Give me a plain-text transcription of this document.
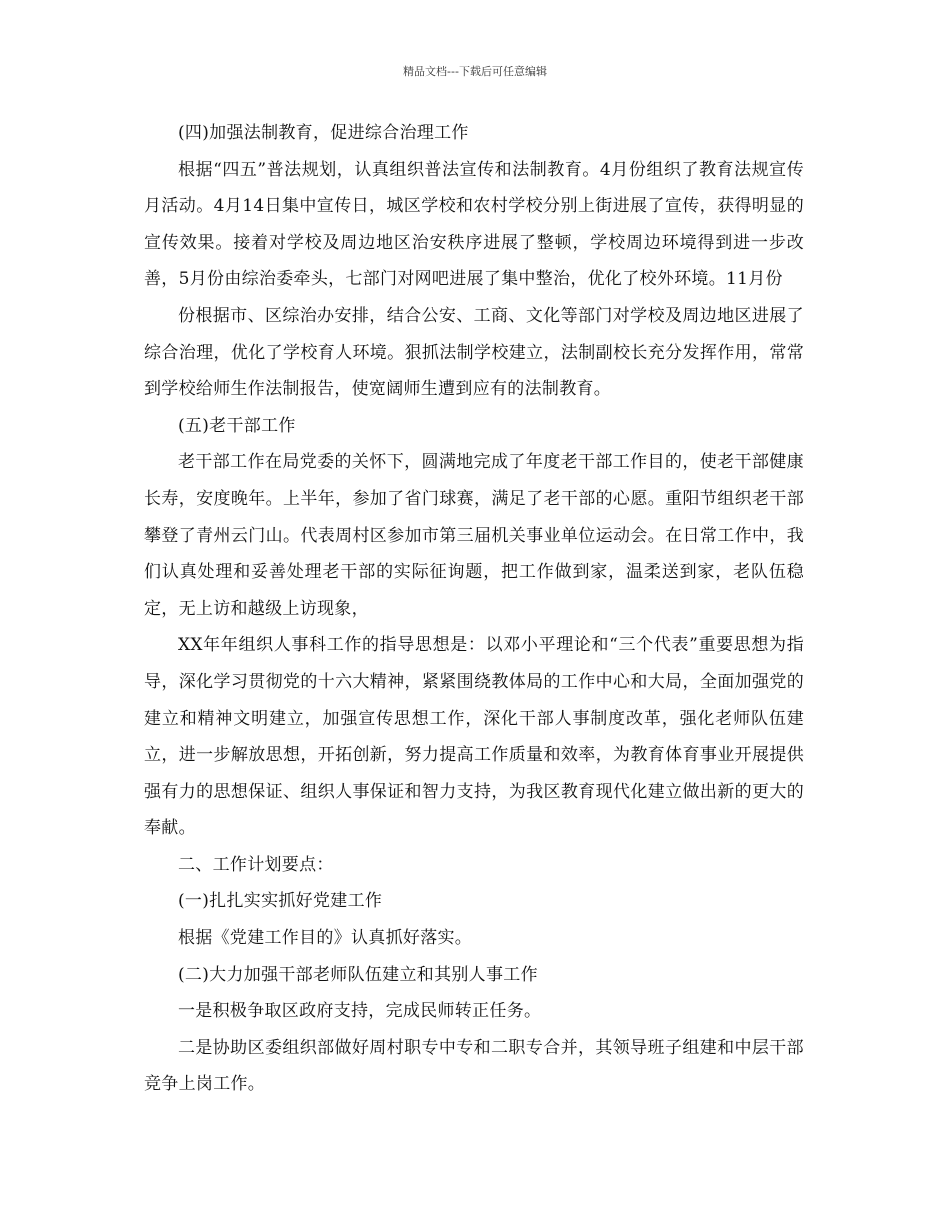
精品文档---下载后可任意编辑

(四)加强法制教育，促进综合治理工作

根据“四五”普法规划，认真组织普法宣传和法制教育。4月份组织了教育法规宣传月活动。4月14日集中宣传日，城区学校和农村学校分别上街进展了宣传，获得明显的宣传效果。接着对学校及周边地区治安秩序进展了整顿，学校周边环境得到进一步改善，5月份由综治委牵头，七部门对网吧进展了集中整治，优化了校外环境。11月份

份根据市、区综治办安排，结合公安、工商、文化等部门对学校及周边地区进展了综合治理，优化了学校育人环境。狠抓法制学校建立，法制副校长充分发挥作用，常常到学校给师生作法制报告，使宽阔师生遭到应有的法制教育。

(五)老干部工作

老干部工作在局党委的关怀下，圆满地完成了年度老干部工作目的，使老干部健康长寿，安度晚年。上半年，参加了省门球赛，满足了老干部的心愿。重阳节组织老干部攀登了青州云门山。代表周村区参加市第三届机关事业单位运动会。在日常工作中，我们认真处理和妥善处理老干部的实际征询题，把工作做到家，温柔送到家，老队伍稳定，无上访和越级上访现象，

XX年年组织人事科工作的指导思想是：以邓小平理论和“三个代表”重要思想为指导，深化学习贯彻党的十六大精神，紧紧围绕教体局的工作中心和大局，全面加强党的建立和精神文明建立，加强宣传思想工作，深化干部人事制度改革，强化老师队伍建立，进一步解放思想，开拓创新，努力提高工作质量和效率，为教育体育事业开展提供强有力的思想保证、组织人事保证和智力支持，为我区教育现代化建立做出新的更大的奉献。

二、工作计划要点：

(一)扎扎实实抓好党建工作

根据《党建工作目的》认真抓好落实。

(二)大力加强干部老师队伍建立和其别人事工作

一是积极争取区政府支持，完成民师转正任务。

二是协助区委组织部做好周村职专中专和二职专合并，其领导班子组建和中层干部竞争上岗工作。
